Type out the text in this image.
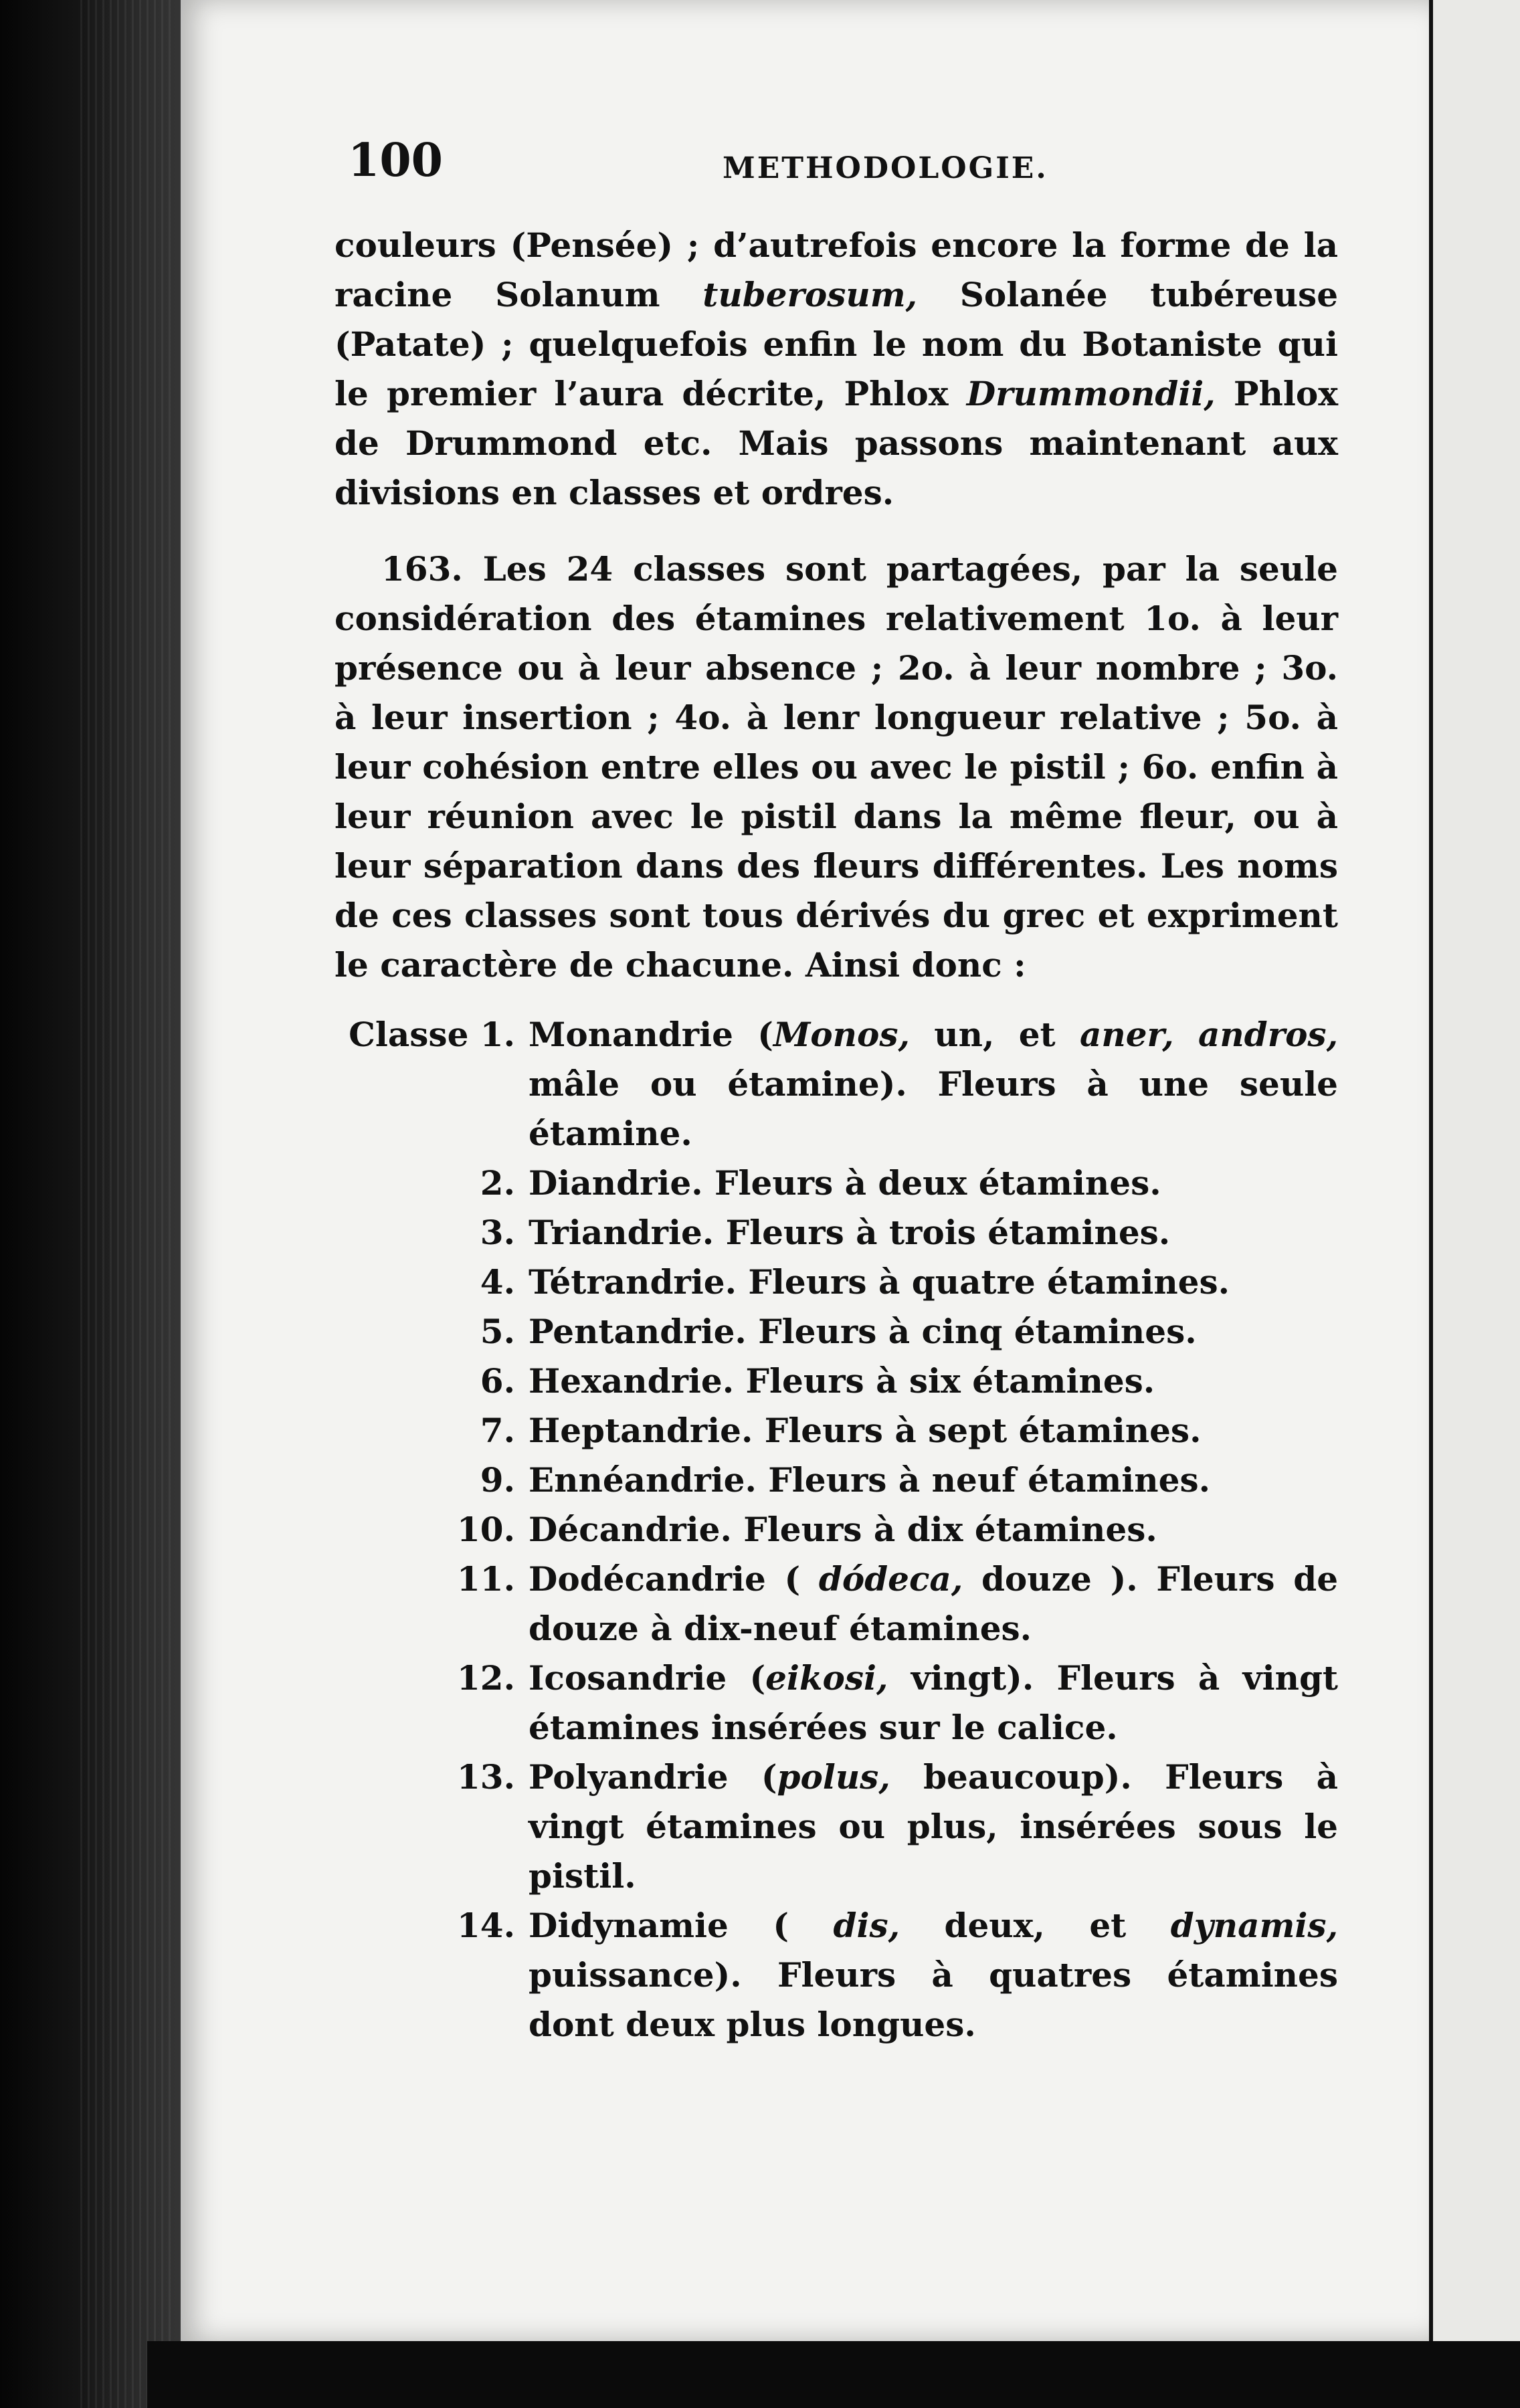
100	METHODOLOGIE.

couleurs (Pensée) ; d’autrefois encore la forme de la racine Solanum tuberosum, Solanée tubéreuse (Patate) ; quelquefois enfin le nom du Botaniste qui le premier l’aura décrite, Phlox Drummondii, Phlox de Drummond etc. Mais passons maintenant aux divisions en classes et ordres.

163. Les 24 classes sont partagées, par la seule considération des étamines relativement 1o. à leur présence ou à leur absence ; 2o. à leur nombre ; 3o. à leur insertion ; 4o. à lenr longueur relative ; 5o. à leur cohésion entre elles ou avec le pistil ; 6o. enfin à leur réunion avec le pistil dans la même fleur, ou à leur séparation dans des fleurs différentes. Les noms de ces classes sont tous dérivés du grec et expriment le caractère de chacune. Ainsi donc :

Classe 1. Monandrie (Monos, un, et aner, andros, mâle ou étamine). Fleurs à une seule étamine.
2. Diandrie. Fleurs à deux étamines.
3. Triandrie. Fleurs à trois étamines.
4. Tétrandrie. Fleurs à quatre étamines.
5. Pentandrie. Fleurs à cinq étamines.
6. Hexandrie. Fleurs à six étamines.
7. Heptandrie. Fleurs à sept étamines.
9. Ennéandrie. Fleurs à neuf étamines.
10. Décandrie. Fleurs à dix étamines.
11. Dodécandrie ( dódeca, douze ). Fleurs de douze à dix-neuf étamines.
12. Icosandrie (eikosi, vingt). Fleurs à vingt étamines insérées sur le calice.
13. Polyandrie (polus, beaucoup). Fleurs à vingt étamines ou plus, insérées sous le pistil.
14. Didynamie ( dis, deux, et dynamis, puissance). Fleurs à quatres étamines dont deux plus longues.
